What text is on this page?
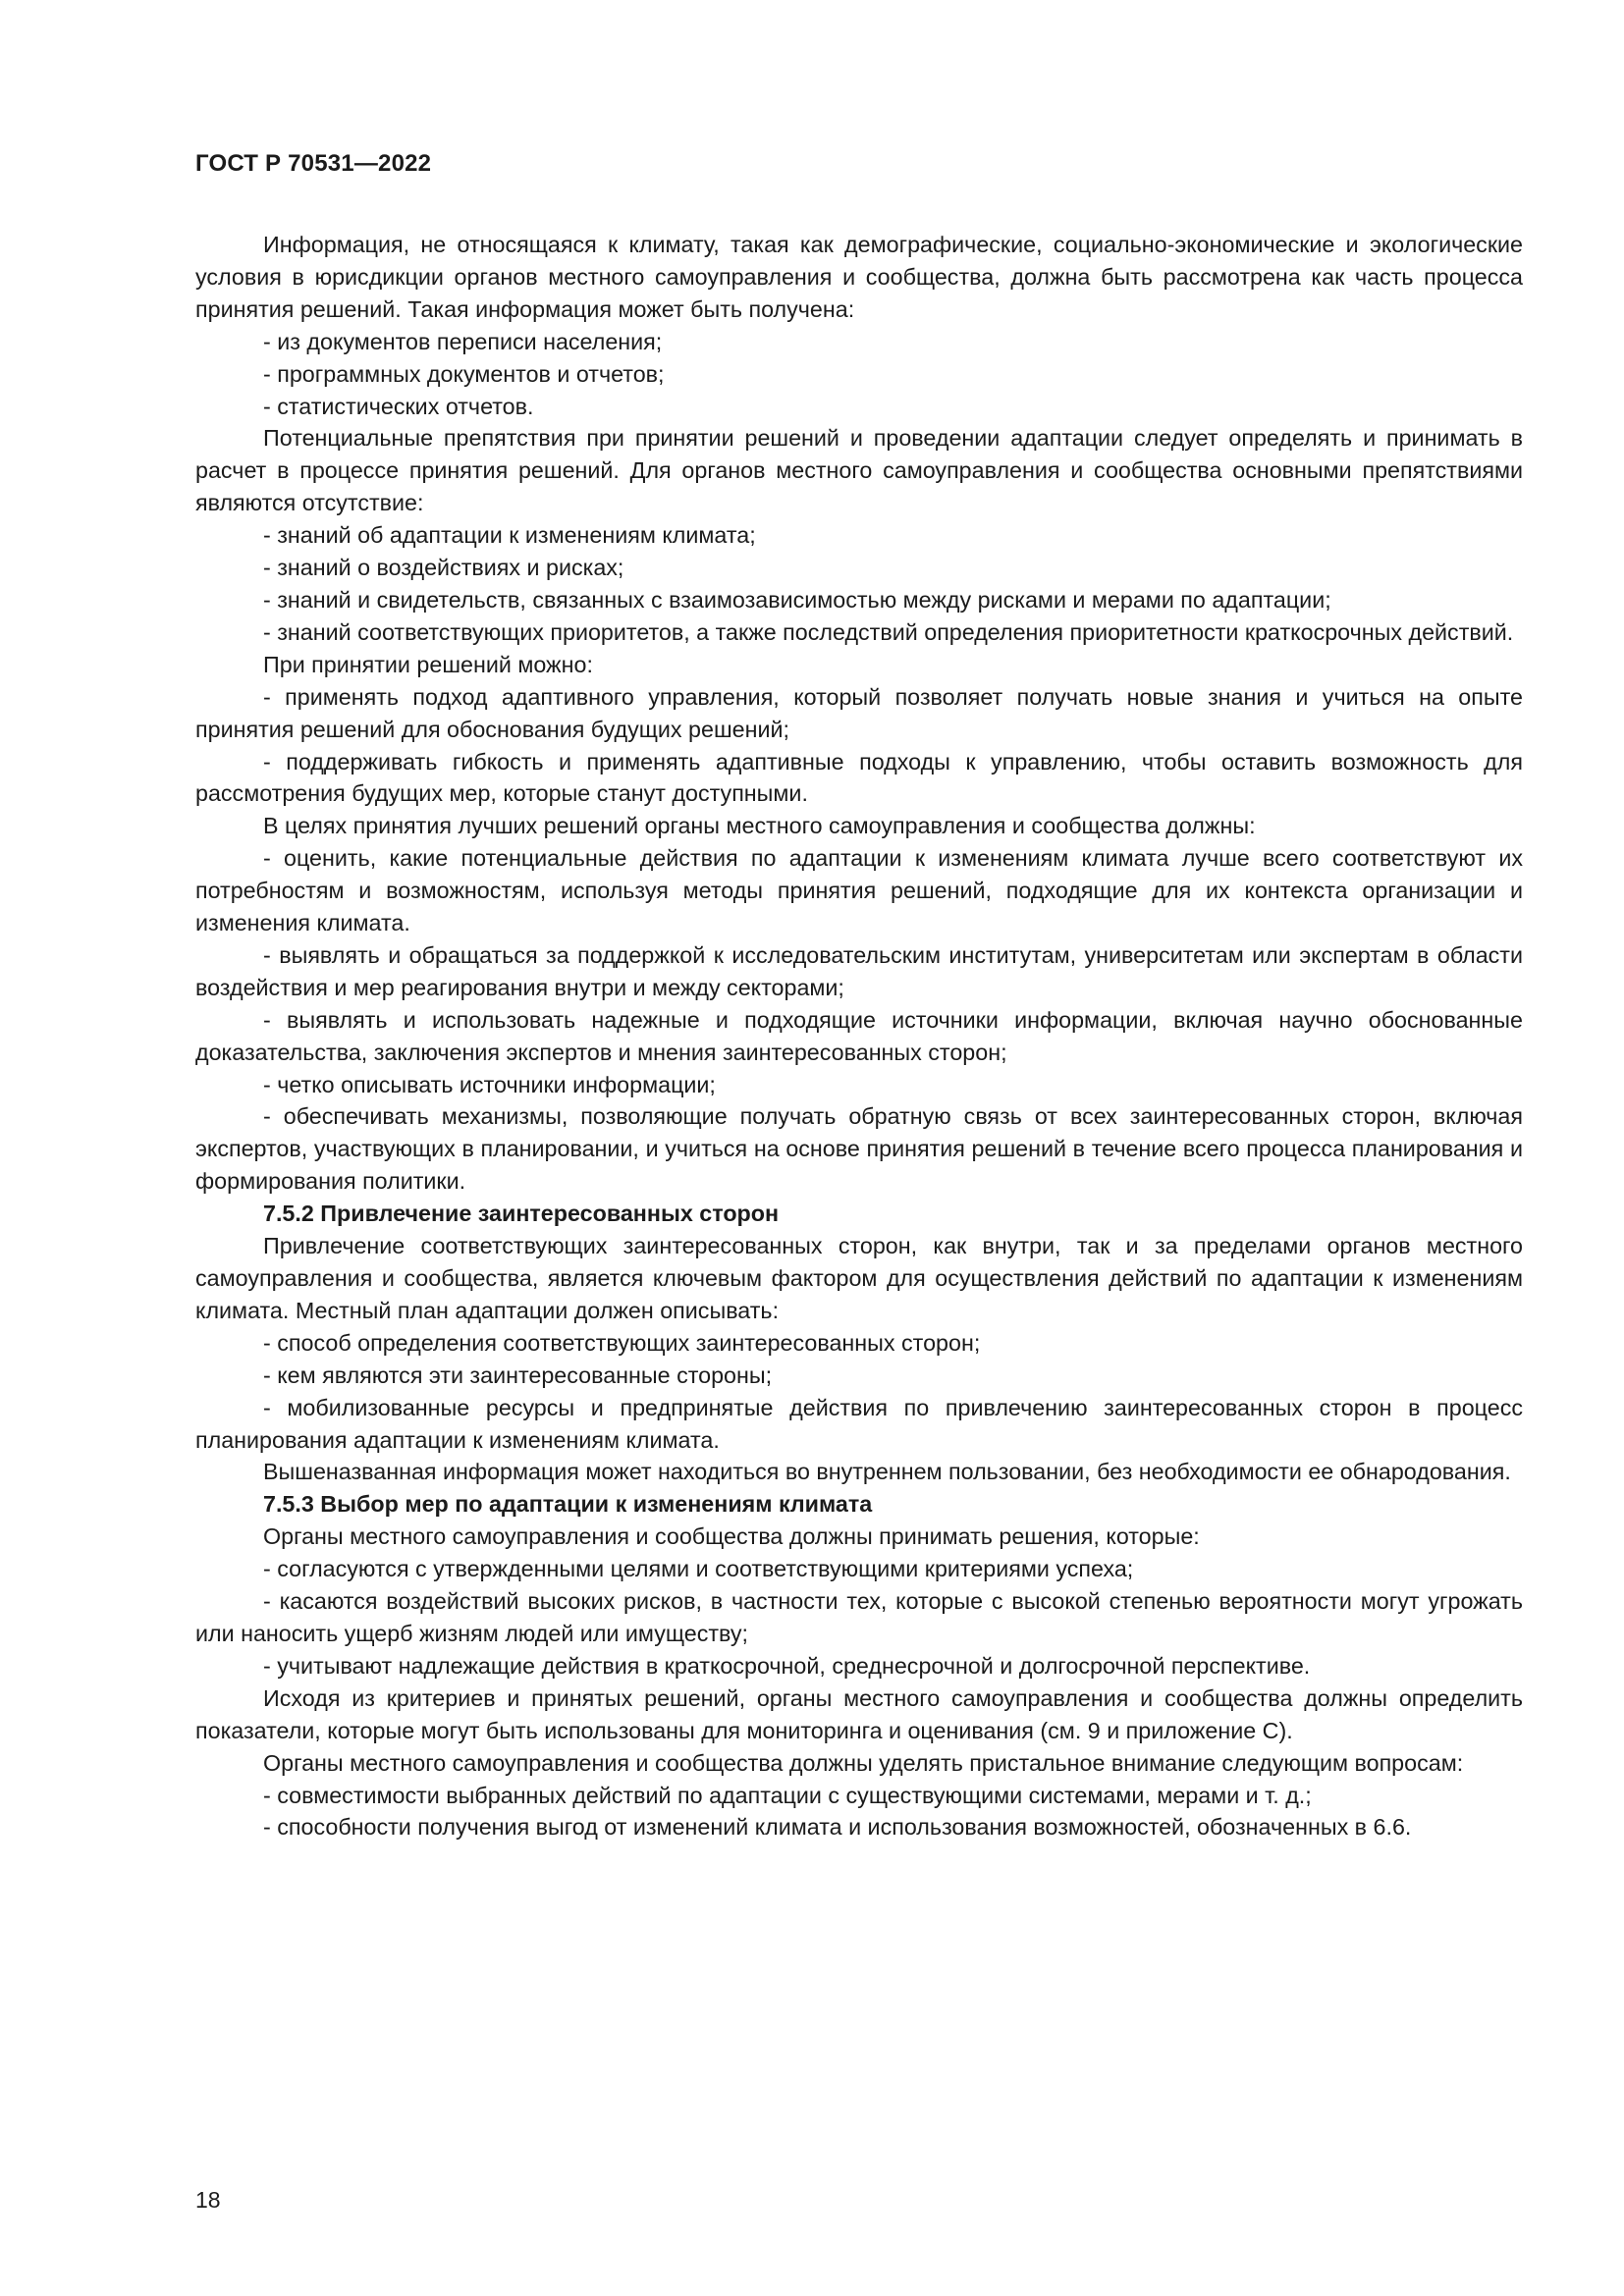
ГОСТ Р 70531—2022

Информация, не относящаяся к климату, такая как демографические, социально-экономические и экологические условия в юрисдикции органов местного самоуправления и сообщества, должна быть рассмотрена как часть процесса принятия решений. Такая информация может быть получена:

- из документов переписи населения;

- программных документов и отчетов;

- статистических отчетов.

Потенциальные препятствия при принятии решений и проведении адаптации следует определять и принимать в расчет в процессе принятия решений. Для органов местного самоуправления и сообщества основными препятствиями являются отсутствие:

- знаний об адаптации к изменениям климата;

- знаний о воздействиях и рисках;

- знаний и свидетельств, связанных с взаимозависимостью между рисками и мерами по адаптации;

- знаний соответствующих приоритетов, а также последствий определения приоритетности краткосрочных действий.

При принятии решений можно:

- применять подход адаптивного управления, который позволяет получать новые знания и учиться на опыте принятия решений для обоснования будущих решений;

- поддерживать гибкость и применять адаптивные подходы к управлению, чтобы оставить возможность для рассмотрения будущих мер, которые станут доступными.

В целях принятия лучших решений органы местного самоуправления и сообщества должны:

- оценить, какие потенциальные действия по адаптации к изменениям климата лучше всего соответствуют их потребностям и возможностям, используя методы принятия решений, подходящие для их контекста организации и изменения климата.

- выявлять и обращаться за поддержкой к исследовательским институтам, университетам или экспертам в области воздействия и мер реагирования внутри и между секторами;

- выявлять и использовать надежные и подходящие источники информации, включая научно обоснованные доказательства, заключения экспертов и мнения заинтересованных сторон;

- четко описывать источники информации;

- обеспечивать механизмы, позволяющие получать обратную связь от всех заинтересованных сторон, включая экспертов, участвующих в планировании, и учиться на основе принятия решений в течение всего процесса планирования и формирования политики.

7.5.2 Привлечение заинтересованных сторон

Привлечение соответствующих заинтересованных сторон, как внутри, так и за пределами органов местного самоуправления и сообщества, является ключевым фактором для осуществления действий по адаптации к изменениям климата. Местный план адаптации должен описывать:

- способ определения соответствующих заинтересованных сторон;

- кем являются эти заинтересованные стороны;

- мобилизованные ресурсы и предпринятые действия по привлечению заинтересованных сторон в процесс планирования адаптации к изменениям климата.

Вышеназванная информация может находиться во внутреннем пользовании, без необходимости ее обнародования.

7.5.3 Выбор мер по адаптации к изменениям климата

Органы местного самоуправления и сообщества должны принимать решения, которые:

- согласуются с утвержденными целями и соответствующими критериями успеха;

- касаются воздействий высоких рисков, в частности тех, которые с высокой степенью вероятности могут угрожать или наносить ущерб жизням людей или имуществу;

- учитывают надлежащие действия в краткосрочной, среднесрочной и долгосрочной перспективе.

Исходя из критериев и принятых решений, органы местного самоуправления и сообщества должны определить показатели, которые могут быть использованы для мониторинга и оценивания (см. 9 и приложение С).

Органы местного самоуправления и сообщества должны уделять пристальное внимание следующим вопросам:

- совместимости выбранных действий по адаптации с существующими системами, мерами и т. д.;

- способности получения выгод от изменений климата и использования возможностей, обозначенных в 6.6.

18
